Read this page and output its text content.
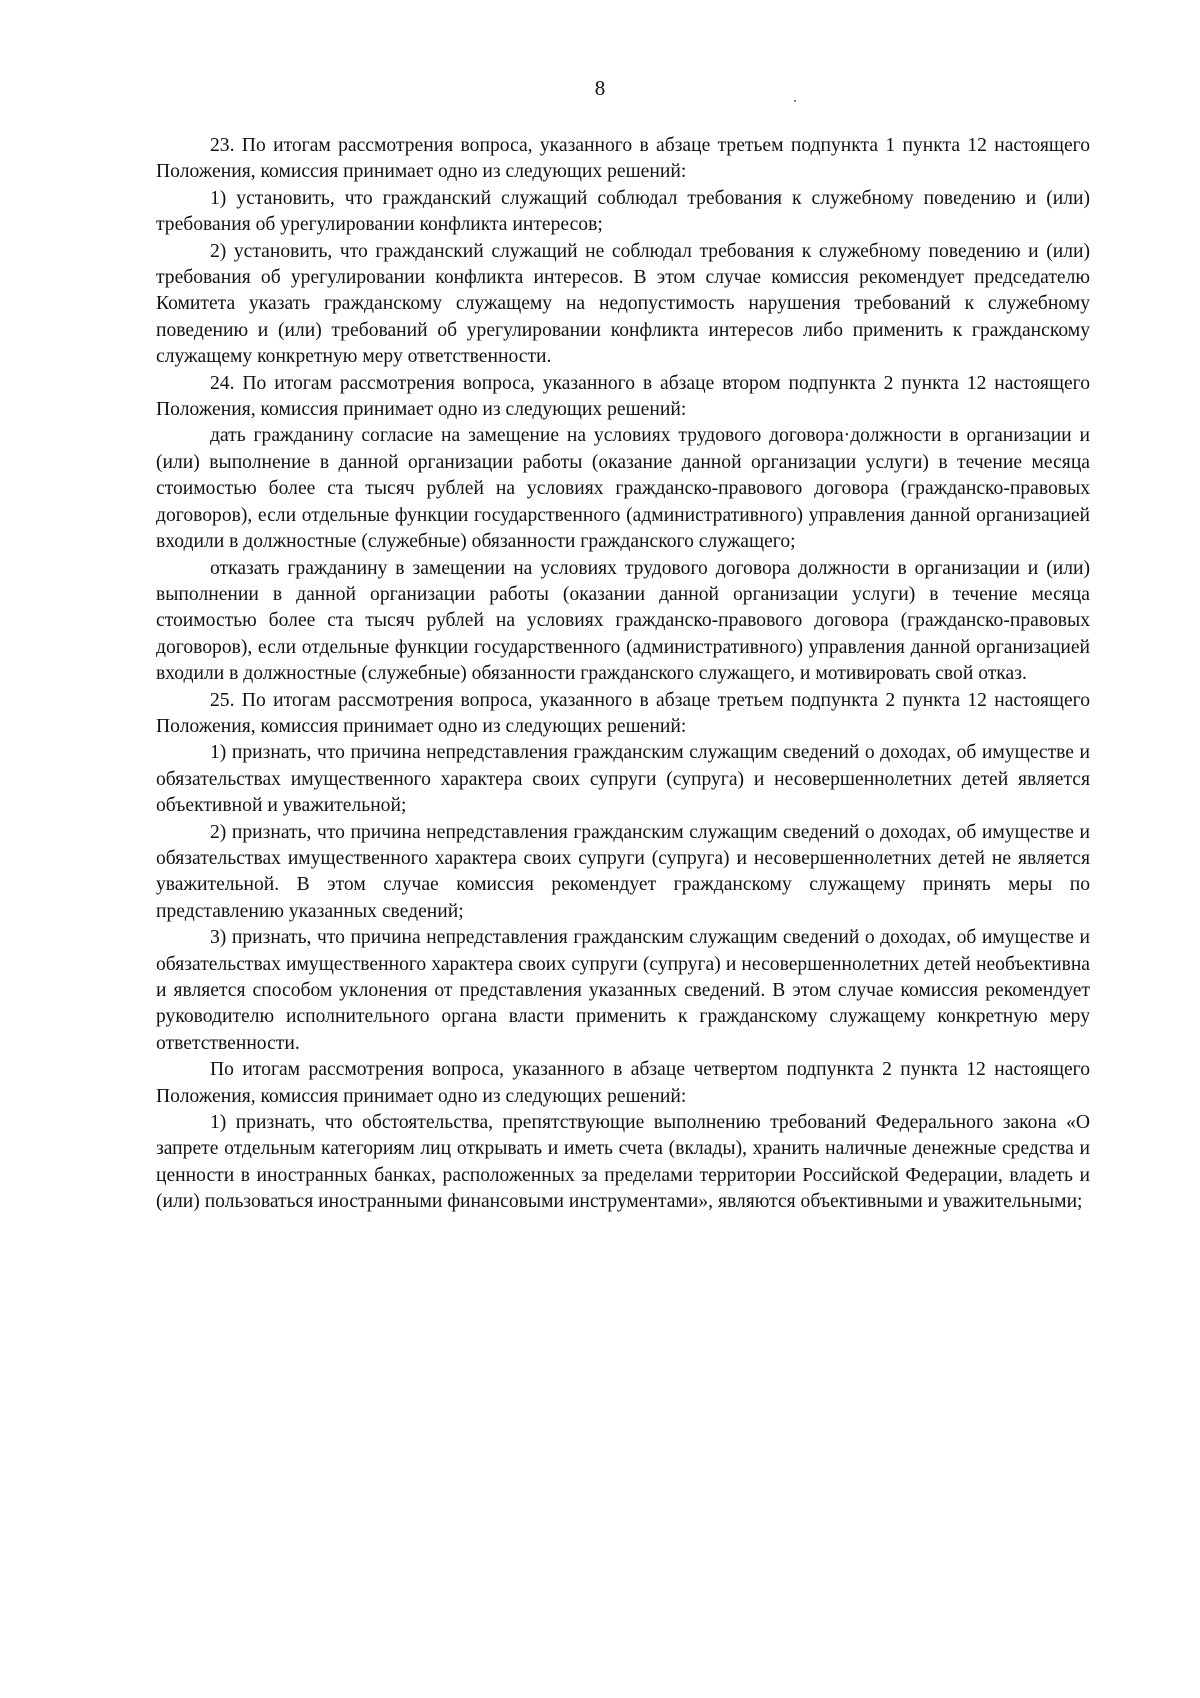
8

23. По итогам рассмотрения вопроса, указанного в абзаце третьем подпункта 1 пункта 12 настоящего Положения, комиссия принимает одно из следующих решений:

1) установить, что гражданский служащий соблюдал требования к служебному поведению и (или) требования об урегулировании конфликта интересов;

2) установить, что гражданский служащий не соблюдал требования к служебному поведению и (или) требования об урегулировании конфликта интересов. В этом случае комиссия рекомендует председателю Комитета указать гражданскому служащему на недопустимость нарушения требований к служебному поведению и (или) требований об урегулировании конфликта интересов либо применить к гражданскому служащему конкретную меру ответственности.

24. По итогам рассмотрения вопроса, указанного в абзаце втором подпункта 2 пункта 12 настоящего Положения, комиссия принимает одно из следующих решений:

дать гражданину согласие на замещение на условиях трудового договора·должности в организации и (или) выполнение в данной организации работы (оказание данной организации услуги) в течение месяца стоимостью более ста тысяч рублей на условиях гражданско-правового договора (гражданско-правовых договоров), если отдельные функции государственного (административного) управления данной организацией входили в должностные (служебные) обязанности гражданского служащего;

отказать гражданину в замещении на условиях трудового договора должности в организации и (или) выполнении в данной организации работы (оказании данной организации услуги) в течение месяца стоимостью более ста тысяч рублей на условиях гражданско-правового договора (гражданско-правовых договоров), если отдельные функции государственного (административного) управления данной организацией входили в должностные (служебные) обязанности гражданского служащего, и мотивировать свой отказ.

25. По итогам рассмотрения вопроса, указанного в абзаце третьем подпункта 2 пункта 12 настоящего Положения, комиссия принимает одно из следующих решений:

1) признать, что причина непредставления гражданским служащим сведений о доходах, об имуществе и обязательствах имущественного характера своих супруги (супруга) и несовершеннолетних детей является объективной и уважительной;

2) признать, что причина непредставления гражданским служащим сведений о доходах, об имуществе и обязательствах имущественного характера своих супруги (супруга) и несовершеннолетних детей не является уважительной. В этом случае комиссия рекомендует гражданскому служащему принять меры по представлению указанных сведений;

3) признать, что причина непредставления гражданским служащим сведений о доходах, об имуществе и обязательствах имущественного характера своих супруги (супруга) и несовершеннолетних детей необъективна и является способом уклонения от представления указанных сведений. В этом случае комиссия рекомендует руководителю исполнительного органа власти применить к гражданскому служащему конкретную меру ответственности.

По итогам рассмотрения вопроса, указанного в абзаце четвертом подпункта 2 пункта 12 настоящего Положения, комиссия принимает одно из следующих решений:

1) признать, что обстоятельства, препятствующие выполнению требований Федерального закона «О запрете отдельным категориям лиц открывать и иметь счета (вклады), хранить наличные денежные средства и ценности в иностранных банках, расположенных за пределами территории Российской Федерации, владеть и (или) пользоваться иностранными финансовыми инструментами», являются объективными и уважительными;
